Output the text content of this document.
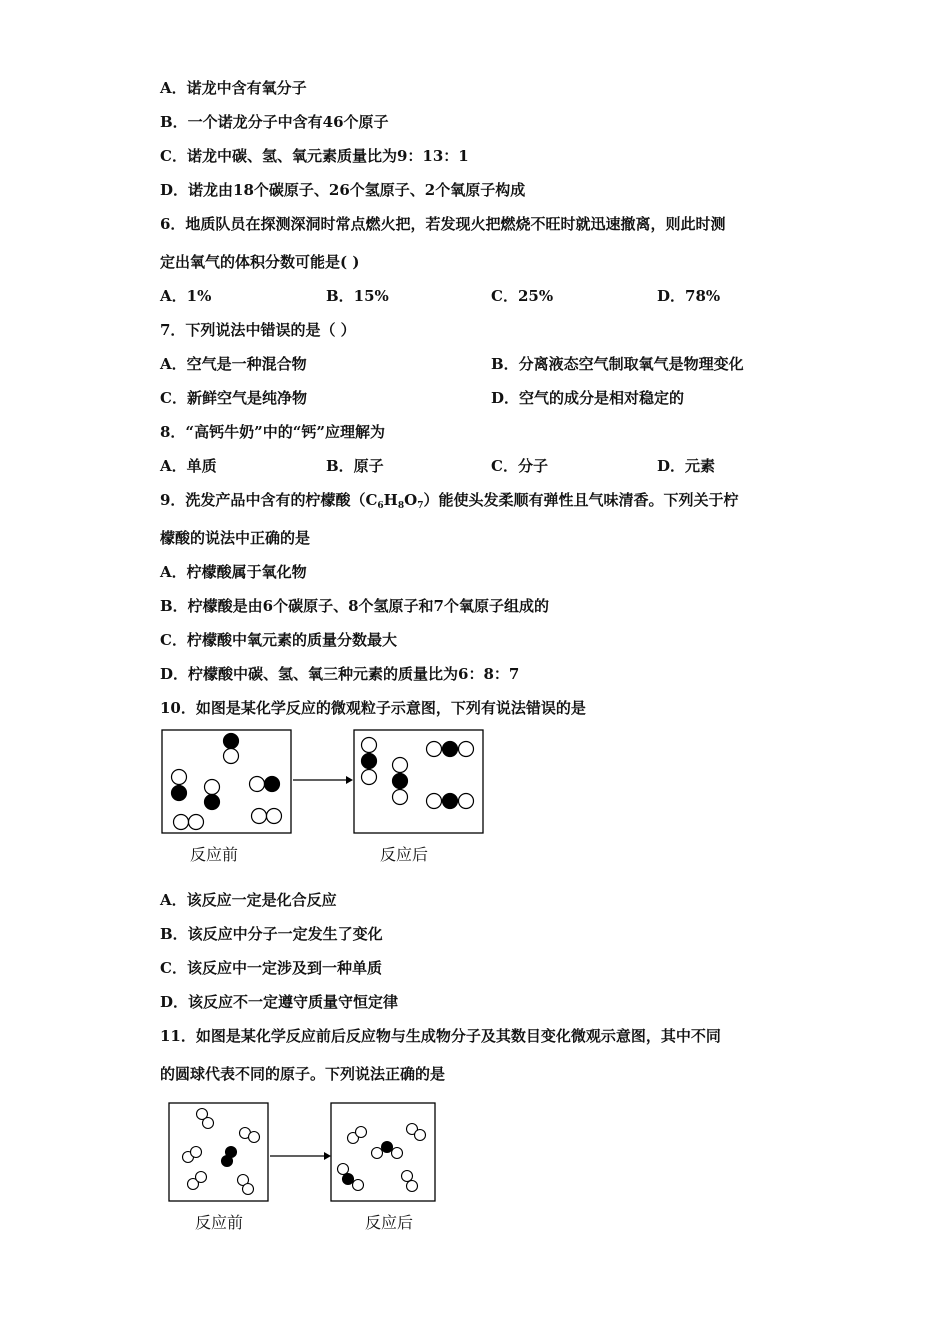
A．诺龙中含有氧分子
B．一个诺龙分子中含有46个原子
C．诺龙中碳、氢、氧元素质量比为9：13：1
D．诺龙由18个碳原子、26个氢原子、2个氧原子构成
6．地质队员在探测深洞时常点燃火把，若发现火把燃烧不旺时就迅速撤离，则此时测
定出氧气的体积分数可能是( )
A．1%	B．15%	C．25%	D．78%
7．下列说法中错误的是（ ）
A．空气是一种混合物	B．分离液态空气制取氧气是物理变化
C．新鲜空气是纯净物	D．空气的成分是相对稳定的
8．“高钙牛奶”中的“钙”应理解为
A．单质	B．原子	C．分子	D．元素
9．洗发产品中含有的柠檬酸$(C_6H_8O_7)$能使头发柔顺有弹性且气味清香。下列关于柠
檬酸的说法中正确的是
A．柠檬酸属于氧化物
B．柠檬酸是由6个碳原子、8个氢原子和7个氧原子组成的
C．柠檬酸中氧元素的质量分数最大
D．柠檬酸中碳、氢、氧三种元素的质量比为6：8：7
10．如图是某化学反应的微观粒子示意图，下列有说法错误的是
反应前	反应后
A．该反应一定是化合反应
B．该反应中分子一定发生了变化
C．该反应中一定涉及到一种单质
D．该反应不一定遵守质量守恒定律
11．如图是某化学反应前后反应物与生成物分子及其数目变化微观示意图，其中不同
的圆球代表不同的原子。下列说法正确的是
反应前	反应后
